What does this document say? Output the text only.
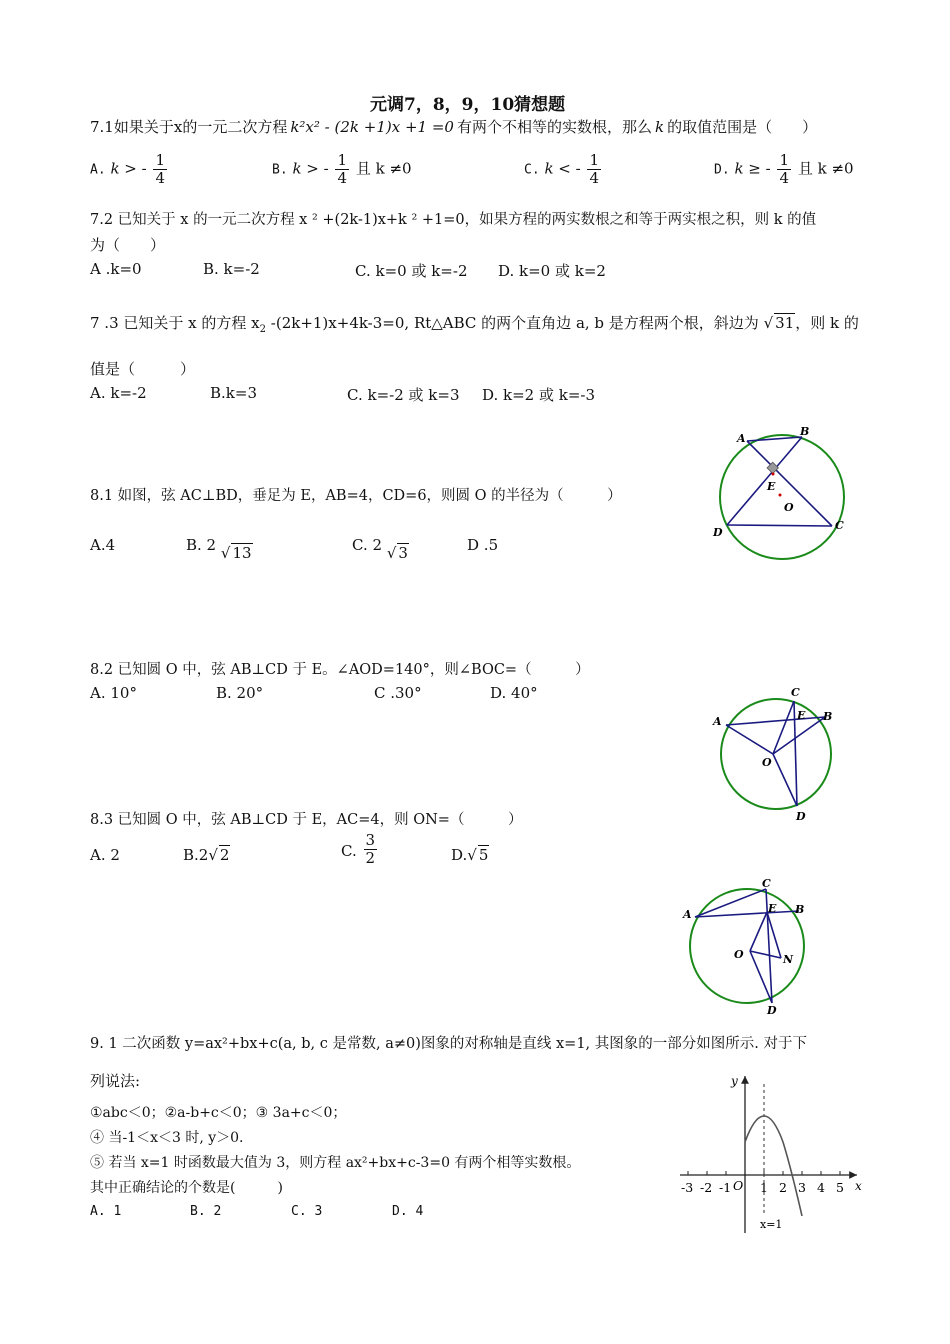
元调7，8，9，10猜想题
7.1如果关于x的一元二次方程 k²x² - (2k +1)x +1 =0 有两个不相等的实数根，那么 k 的取值范围是（　　）
A. k > - $\frac{1}{4}$	B. k > - $\frac{1}{4}$ 且 k ≠0	C. k < - $\frac{1}{4}$	D. k ≥ - $\frac{1}{4}$ 且 k ≠0
7.2 已知关于 x 的一元二次方程 x ² +(2k-1)x+k ² +1=0，如果方程的两实数根之和等于两实根之积，则 k 的值
为（　　）
A .k=0	B. k=-2	C. k=0 或 k=-2 D. k=0 或 k=2
7 .3 已知关于 x 的方程 $x_2$ -(2k+1)x+4k-3=0, Rt△ABC 的两个直角边 a, b 是方程两个根，斜边为 √ 31，则 k 的
值是（　　　）
A. k=-2	B.k=3	C. k=-2 或 k=3 D. k=2 或 k=-3
8.1 如图，弦 AC⊥BD，垂足为 E，AB=4，CD=6，则圆 O 的半径为（　　　）
A.4	B. 2 √ 13	C. 2 √ 3	D .5
A
B
E
O
D
C
8.2 已知圆 O 中，弦 AB⊥CD 于 E。∠AOD=140°，则∠BOC=（　　　）
A. 10°	B. 20°	C .30°	D. 40°	C
E B
A
O
D
8.3 已知圆 O 中，弦 AB⊥CD 于 E，AC=4，则 ON=（　　　）
A. 2	B.2√ 2	C. $\frac{3}{2}$	D.√ 5
C
E B
A
O	N
D
9. 1 二次函数 y=ax²+bx+c(a, b, c 是常数, a≠0)图象的对称轴是直线 x=1, 其图象的一部分如图所示. 对于下
列说法:
①abc＜0；②a-b+c＜0；③ 3a+c＜0；
④ 当-1＜x＜3 时, y＞0.
⑤ 若当 x=1 时函数最大值为 3，则方程 ax²+bx+c-3=0 有两个相等实数根。
其中正确结论的个数是(　　　)
A. 1	B. 2	C. 3	D. 4
y
x
-3 -2 -1 O 1 2 3 4 5
x=1
